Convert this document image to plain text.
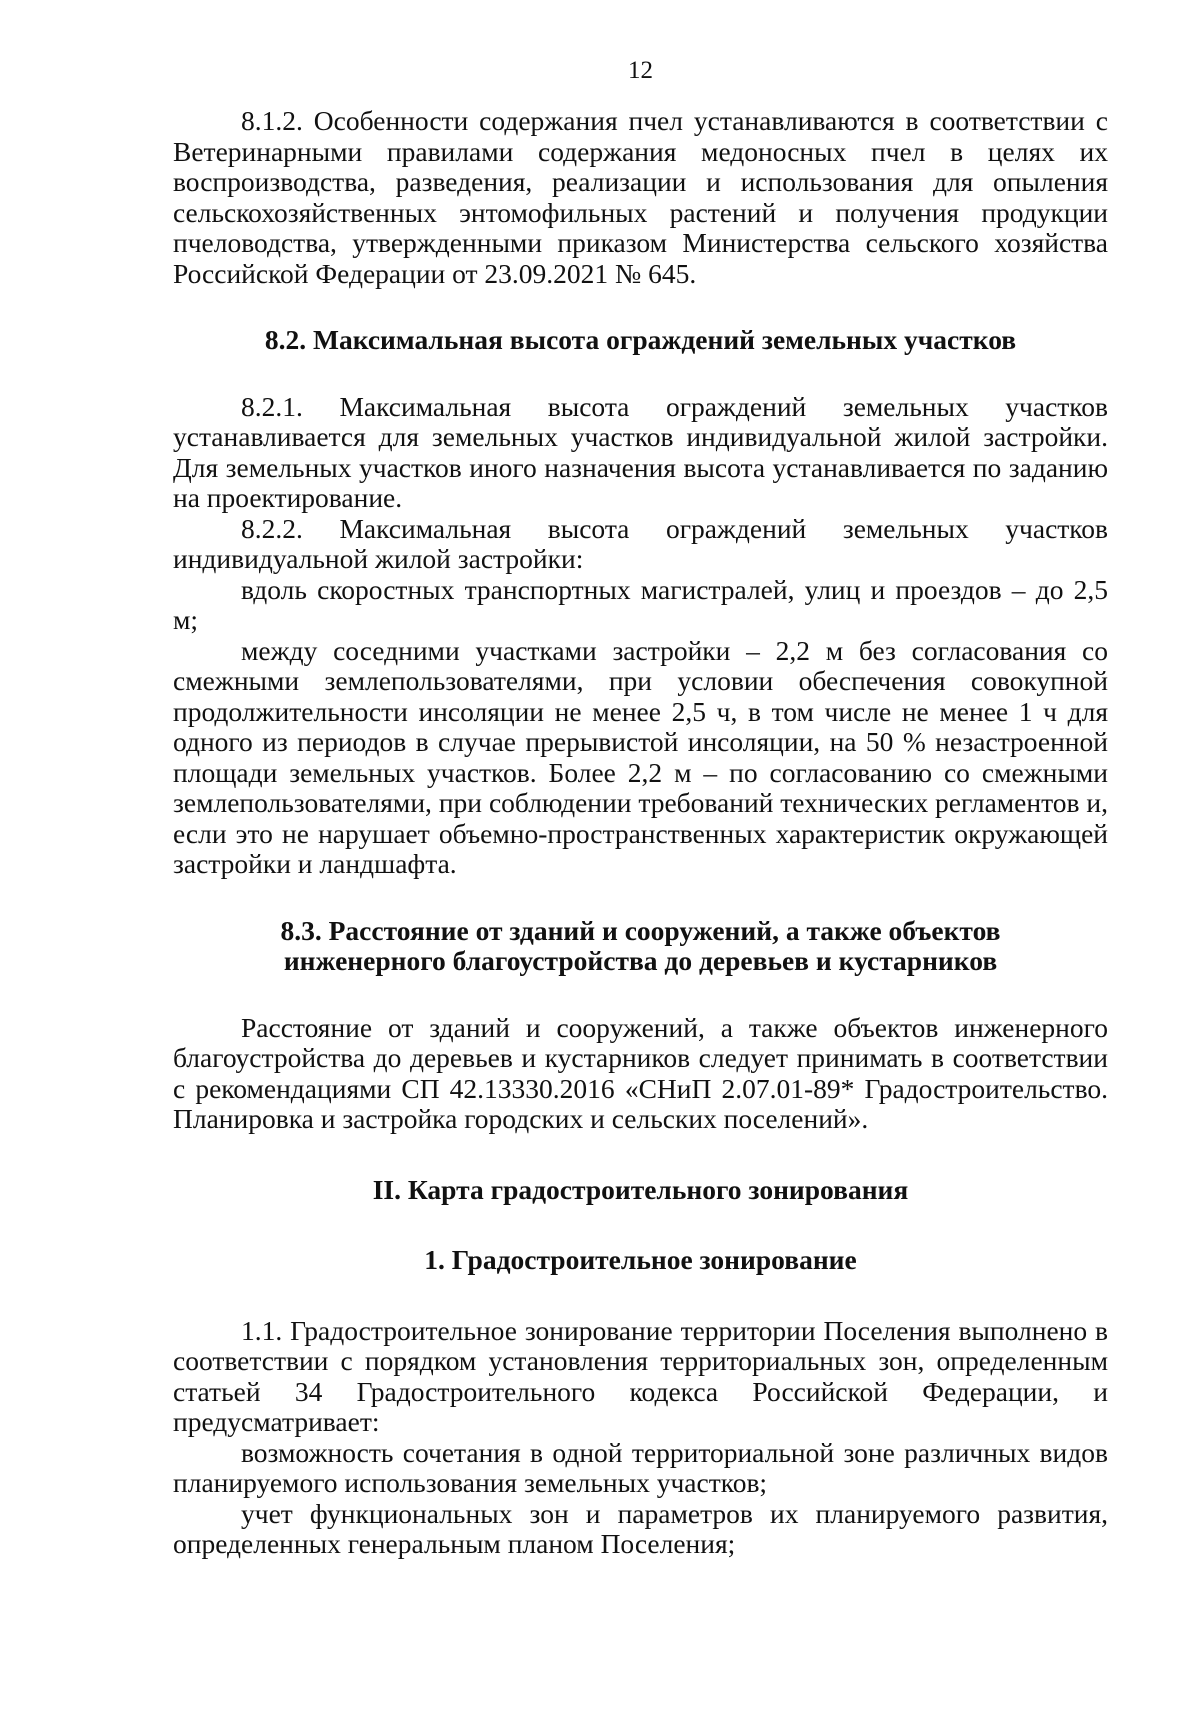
12

8.1.2. Особенности содержания пчел устанавливаются в соответствии с Ветеринарными правилами содержания медоносных пчел в целях их воспроизводства, разведения, реализации и использования для опыления сельскохозяйственных энтомофильных растений и получения продукции пчеловодства, утвержденными приказом Министерства сельского хозяйства Российской Федерации от 23.09.2021 № 645.

8.2. Максимальная высота ограждений земельных участков

8.2.1. Максимальная высота ограждений земельных участков устанавливается для земельных участков индивидуальной жилой застройки. Для земельных участков иного назначения высота устанавливается по заданию на проектирование.

8.2.2. Максимальная высота ограждений земельных участков индивидуальной жилой застройки:

вдоль скоростных транспортных магистралей, улиц и проездов – до 2,5 м;

между соседними участками застройки – 2,2 м без согласования со смежными землепользователями, при условии обеспечения совокупной продолжительности инсоляции не менее 2,5 ч, в том числе не менее 1 ч для одного из периодов в случае прерывистой инсоляции, на 50 % незастроенной площади земельных участков. Более 2,2 м – по согласованию со смежными землепользователями, при соблюдении требований технических регламентов и, если это не нарушает объемно-пространственных характеристик окружающей застройки и ландшафта.

8.3. Расстояние от зданий и сооружений, а также объектов
инженерного благоустройства до деревьев и кустарников

Расстояние от зданий и сооружений, а также объектов инженерного благоустройства до деревьев и кустарников следует принимать в соответствии с рекомендациями СП 42.13330.2016 «СНиП 2.07.01-89* Градостроительство. Планировка и застройка городских и сельских поселений».

II. Карта градостроительного зонирования
1. Градостроительное зонирование

1.1. Градостроительное зонирование территории Поселения выполнено в соответствии с порядком установления территориальных зон, определенным статьей 34 Градостроительного кодекса Российской Федерации, и предусматривает:

возможность сочетания в одной территориальной зоне различных видов планируемого использования земельных участков;

учет функциональных зон и параметров их планируемого развития, определенных генеральным планом Поселения;
